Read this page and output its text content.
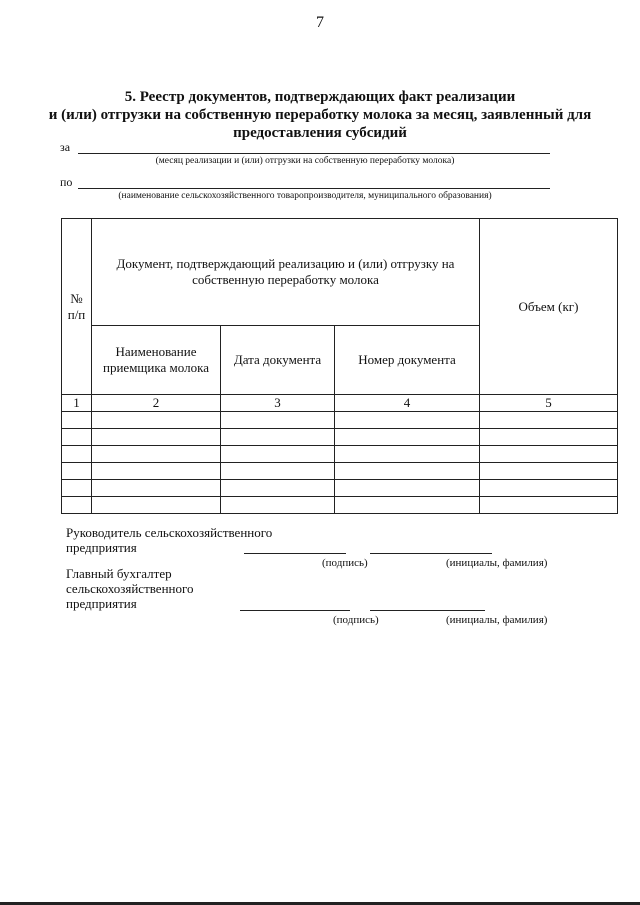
7
5. Реестр документов, подтверждающих факт реализации
и (или) отгрузки на собственную переработку молока за месяц, заявленный для
предоставления субсидий
за
(месяц реализации и (или) отгрузки на собственную переработку молока)
по
(наименование сельскохозяйственного товаропроизводителя, муниципального образования)
№ п/п	Документ, подтверждающий реализацию и (или) отгрузку на собственную переработку молока			Объем (кг)
	Наименование приемщика молока	Дата документа	Номер документа	
1	2	3	4	5

Руководитель сельскохозяйственного
предприятия
(подпись)	(инициалы, фамилия)
Главный бухгалтер
сельскохозяйственного
предприятия
(подпись)	(инициалы, фамилия)
